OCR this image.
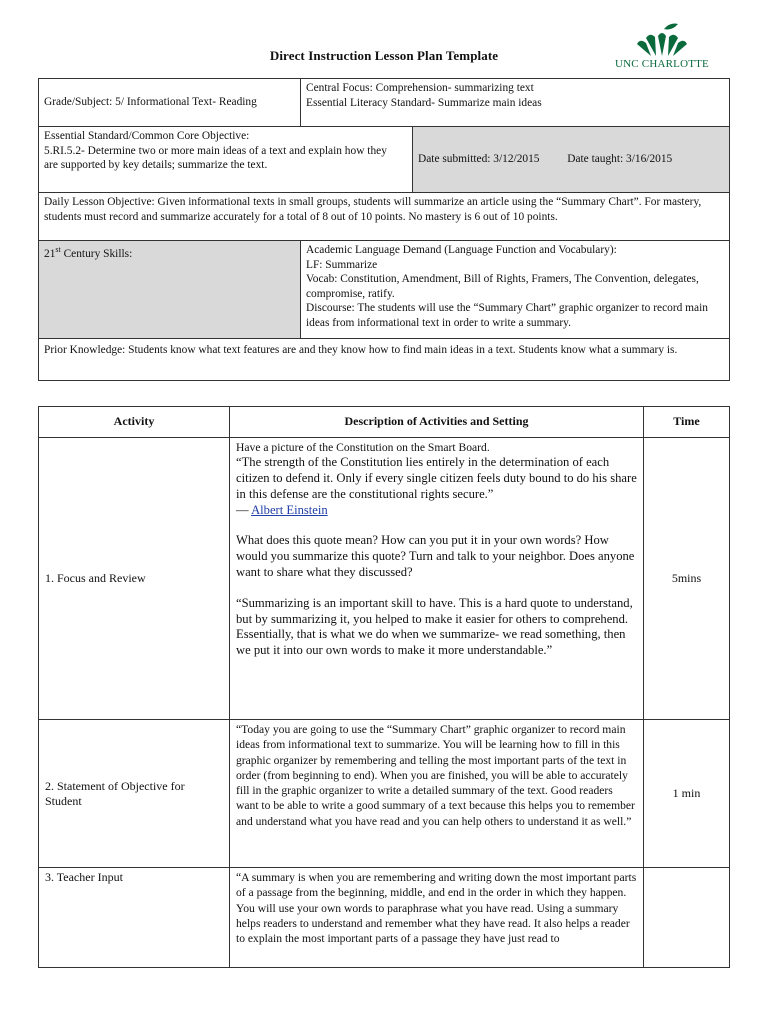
Direct Instruction Lesson Plan Template
UNC CHARLOTTE
Grade/Subject: 5/ Informational Text- Reading	Central Focus: Comprehension- summarizing text
Essential Literacy Standard- Summarize main ideas	

Essential Standard/Common Core Objective:
5.RI.5.2- Determine two or more main ideas of a text and explain how they are supported by key details; summarize the text.		Date submitted: 3/12/2015 Date taught: 3/16/2015
Daily Lesson Objective: Given informational texts in small groups, students will summarize an article using the “Summary Chart”. For mastery, students must record and summarize accurately for a total of 8 out of 10 points. No mastery is 6 out of 10 points.		
21st Century Skills:	Academic Language Demand (Language Function and Vocabulary):
LF: Summarize
Vocab: Constitution, Amendment, Bill of Rights, Framers, The Convention, delegates, compromise, ratify.
Discourse: The students will use the “Summary Chart” graphic organizer to record main ideas from informational text in order to write a summary.	

Prior Knowledge: Students know what text features are and they know how to find main ideas in a text. Students know what a summary is.		
Activity	Description of Activities and Setting	Time
1. Focus and Review	Have a picture of the Constitution on the Smart Board.
“The strength of the Constitution lies entirely in the determination of each citizen to defend it. Only if every single citizen feels duty bound to do his share in this defense are the constitutional rights secure.”
— Albert Einstein
What does this quote mean? How can you put it in your own words? How would you summarize this quote? Turn and talk to your neighbor. Does anyone want to share what they discussed?
“Summarizing is an important skill to have. This is a hard quote to understand, but by summarizing it, you helped to make it easier for others to comprehend. Essentially, that is what we do when we summarize- we read something, then we put it into our own words to make it more understandable.”	5mins
2. Statement of Objective for Student	“Today you are going to use the “Summary Chart” graphic organizer to record main ideas from informational text to summarize. You will be learning how to fill in this graphic organizer by remembering and telling the most important parts of the text in order (from beginning to end). When you are finished, you will be able to accurately fill in the graphic organizer to write a detailed summary of the text. Good readers want to be able to write a good summary of a text because this helps you to remember and understand what you have read and you can help others to understand it as well.”	1 min
3. Teacher Input	“A summary is when you are remembering and writing down the most important parts of a passage from the beginning, middle, and end in the order in which they happen. You will use your own words to paraphrase what you have read. Using a summary helps readers to understand and remember what they have read. It also helps a reader to explain the most important parts of a passage they have just read to	
